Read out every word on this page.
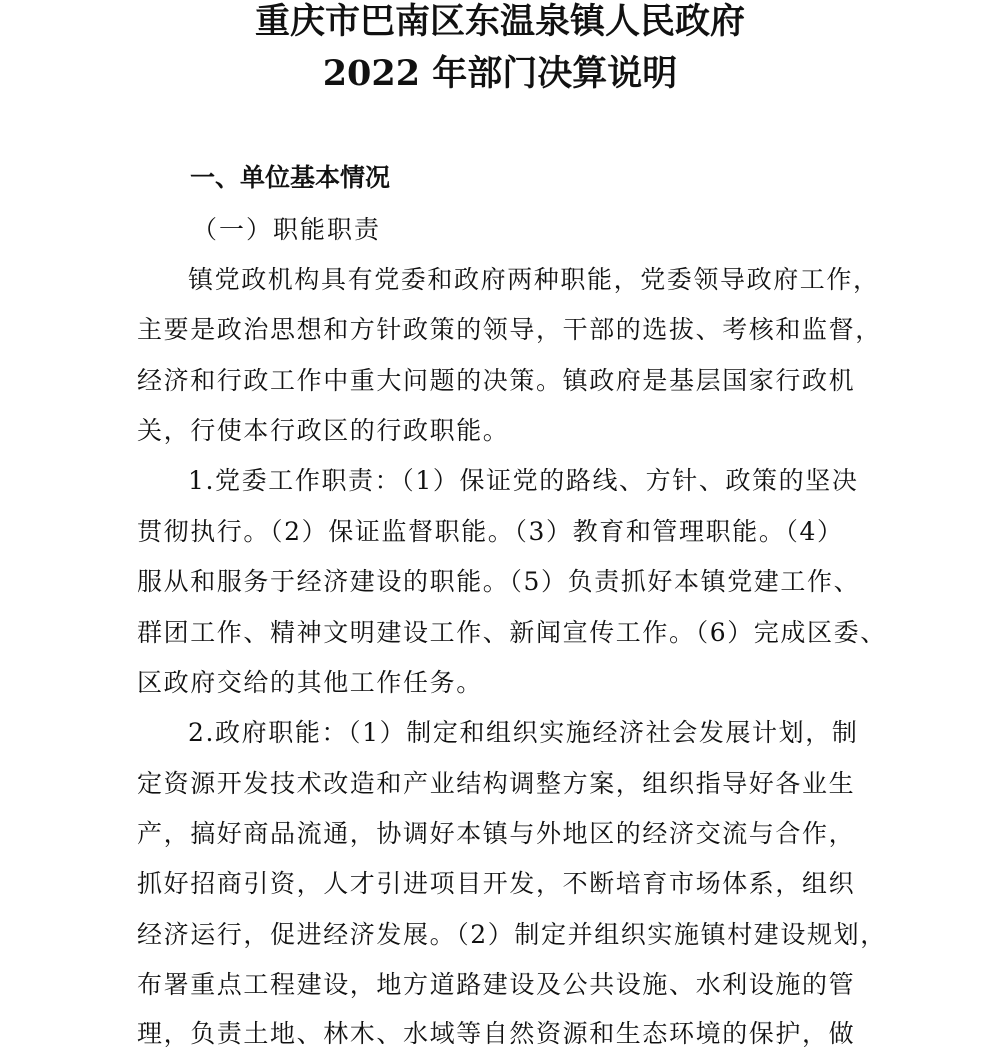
重庆市巴南区东温泉镇人民政府
2022 年部门决算说明
一、单位基本情况
（一）职能职责
镇党政机构具有党委和政府两种职能，党委领导政府工作，
主要是政治思想和方针政策的领导，干部的选拔、考核和监督，
经济和行政工作中重大问题的决策。镇政府是基层国家行政机
关，行使本行政区的行政职能。
1.党委工作职责：（1）保证党的路线、方针、政策的坚决
贯彻执行。（2）保证监督职能。（3）教育和管理职能。（4）
服从和服务于经济建设的职能。（5）负责抓好本镇党建工作、
群团工作、精神文明建设工作、新闻宣传工作。（6）完成区委、
区政府交给的其他工作任务。
2.政府职能：（1）制定和组织实施经济社会发展计划，制
定资源开发技术改造和产业结构调整方案，组织指导好各业生
产，搞好商品流通，协调好本镇与外地区的经济交流与合作，
抓好招商引资，人才引进项目开发，不断培育市场体系，组织
经济运行，促进经济发展。（2）制定并组织实施镇村建设规划，
布署重点工程建设，地方道路建设及公共设施、水利设施的管
理，负责土地、林木、水域等自然资源和生态环境的保护，做
